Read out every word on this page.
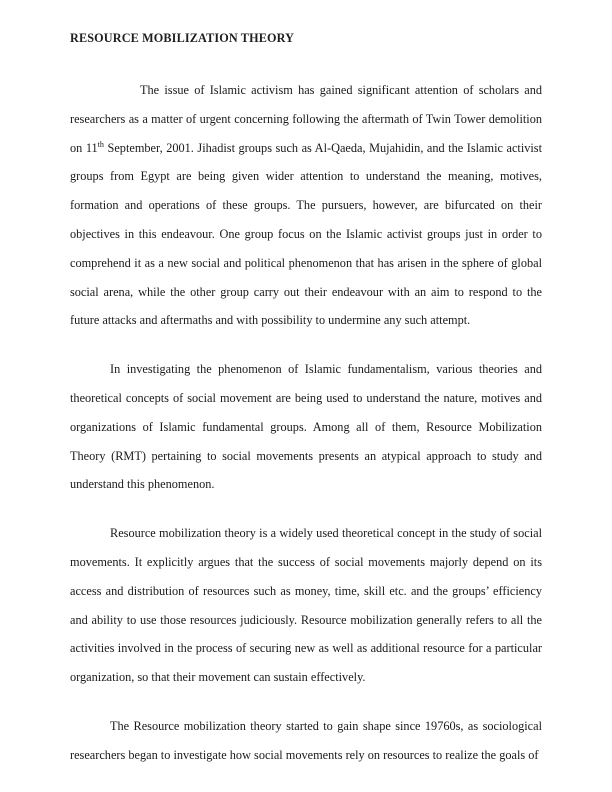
RESOURCE MOBILIZATION THEORY

The issue of Islamic activism has gained significant attention of scholars and researchers as a matter of urgent concerning following the aftermath of Twin Tower demolition on 11th September, 2001. Jihadist groups such as Al-Qaeda, Mujahidin, and the Islamic activist groups from Egypt are being given wider attention to understand the meaning, motives, formation and operations of these groups. The pursuers, however, are bifurcated on their objectives in this endeavour. One group focus on the Islamic activist groups just in order to comprehend it as a new social and political phenomenon that has arisen in the sphere of global social arena, while the other group carry out their endeavour with an aim to respond to the future attacks and aftermaths and with possibility to undermine any such attempt.

In investigating the phenomenon of Islamic fundamentalism, various theories and theoretical concepts of social movement are being used to understand the nature, motives and organizations of Islamic fundamental groups. Among all of them, Resource Mobilization Theory (RMT) pertaining to social movements presents an atypical approach to study and understand this phenomenon.

Resource mobilization theory is a widely used theoretical concept in the study of social movements. It explicitly argues that the success of social movements majorly depend on its access and distribution of resources such as money, time, skill etc. and the groups’ efficiency and ability to use those resources judiciously. Resource mobilization generally refers to all the activities involved in the process of securing new as well as additional resource for a particular organization, so that their movement can sustain effectively.

The Resource mobilization theory started to gain shape since 19760s, as sociological researchers began to investigate how social movements rely on resources to realize the goals of
